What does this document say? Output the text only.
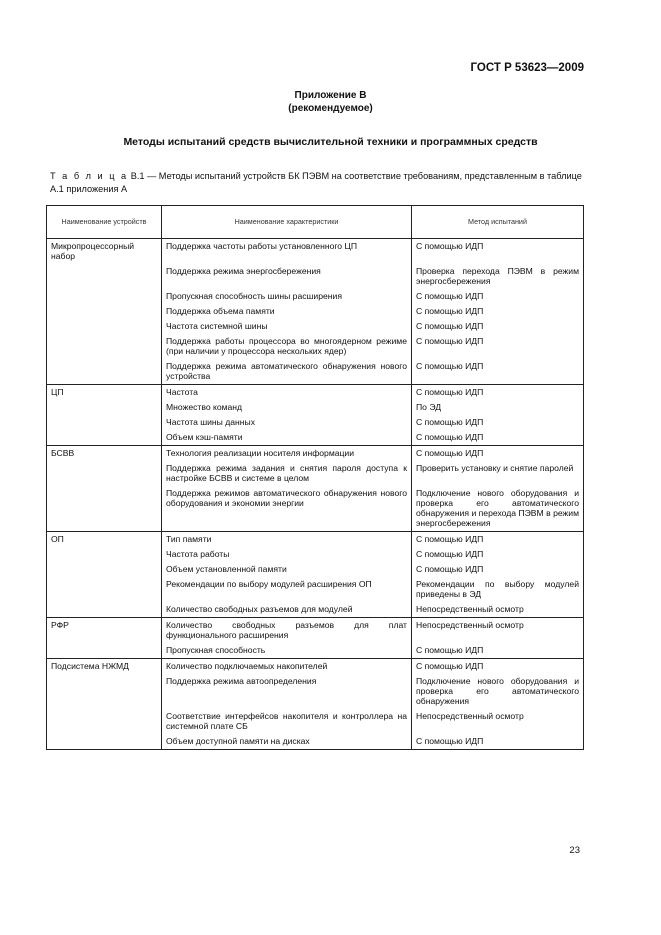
ГОСТ Р 53623—2009
Приложение В
(рекомендуемое)
Методы испытаний средств вычислительной техники и программных средств
Т а б л и ц а В.1 — Методы испытаний устройств БК ПЭВМ на соответствие требованиям, представленным в таблице А.1 приложения А
Наименование устройств	Наименование характеристики	Метод испытаний
Микропроцессорный набор	Поддержка частоты работы установленного ЦП	С помощью ИДП
	Поддержка режима энергосбережения	Проверка перехода ПЭВМ в режим энергосбережения
	Пропускная способность шины расширения	С помощью ИДП
	Поддержка объема памяти	С помощью ИДП
	Частота системной шины	С помощью ИДП
	Поддержка работы процессора во многоядерном режиме (при наличии у процессора нескольких ядер)	С помощью ИДП
	Поддержка режима автоматического обнаружения нового устройства	С помощью ИДП
ЦП	Частота	С помощью ИДП
	Множество команд	По ЭД
	Частота шины данных	С помощью ИДП
	Объем кэш-памяти	С помощью ИДП
БСВВ	Технология реализации носителя информации	С помощью ИДП
	Поддержка режима задания и снятия пароля доступа к настройке БСВВ и системе в целом	Проверить установку и снятие паролей
	Поддержка режимов автоматического обнаружения нового оборудования и экономии энергии	Подключение нового оборудования и проверка его автоматического обнаружения и перехода ПЭВМ в режим энергосбережения
ОП	Тип памяти	С помощью ИДП
	Частота работы	С помощью ИДП
	Объем установленной памяти	С помощью ИДП
	Рекомендации по выбору модулей расширения ОП	Рекомендации по выбору модулей приведены в ЭД
	Количество свободных разъемов для модулей	Непосредственный осмотр
РФР	Количество свободных разъемов для плат функционального расширения	Непосредственный осмотр
	Пропускная способность	С помощью ИДП
Подсистема НЖМД	Количество подключаемых накопителей	С помощью ИДП
	Поддержка режима автоопределения	Подключение нового оборудования и проверка его автоматического обнаружения
	Соответствие интерфейсов накопителя и контроллера на системной плате СБ	Непосредственный осмотр
	Объем доступной памяти на дисках	С помощью ИДП
23
